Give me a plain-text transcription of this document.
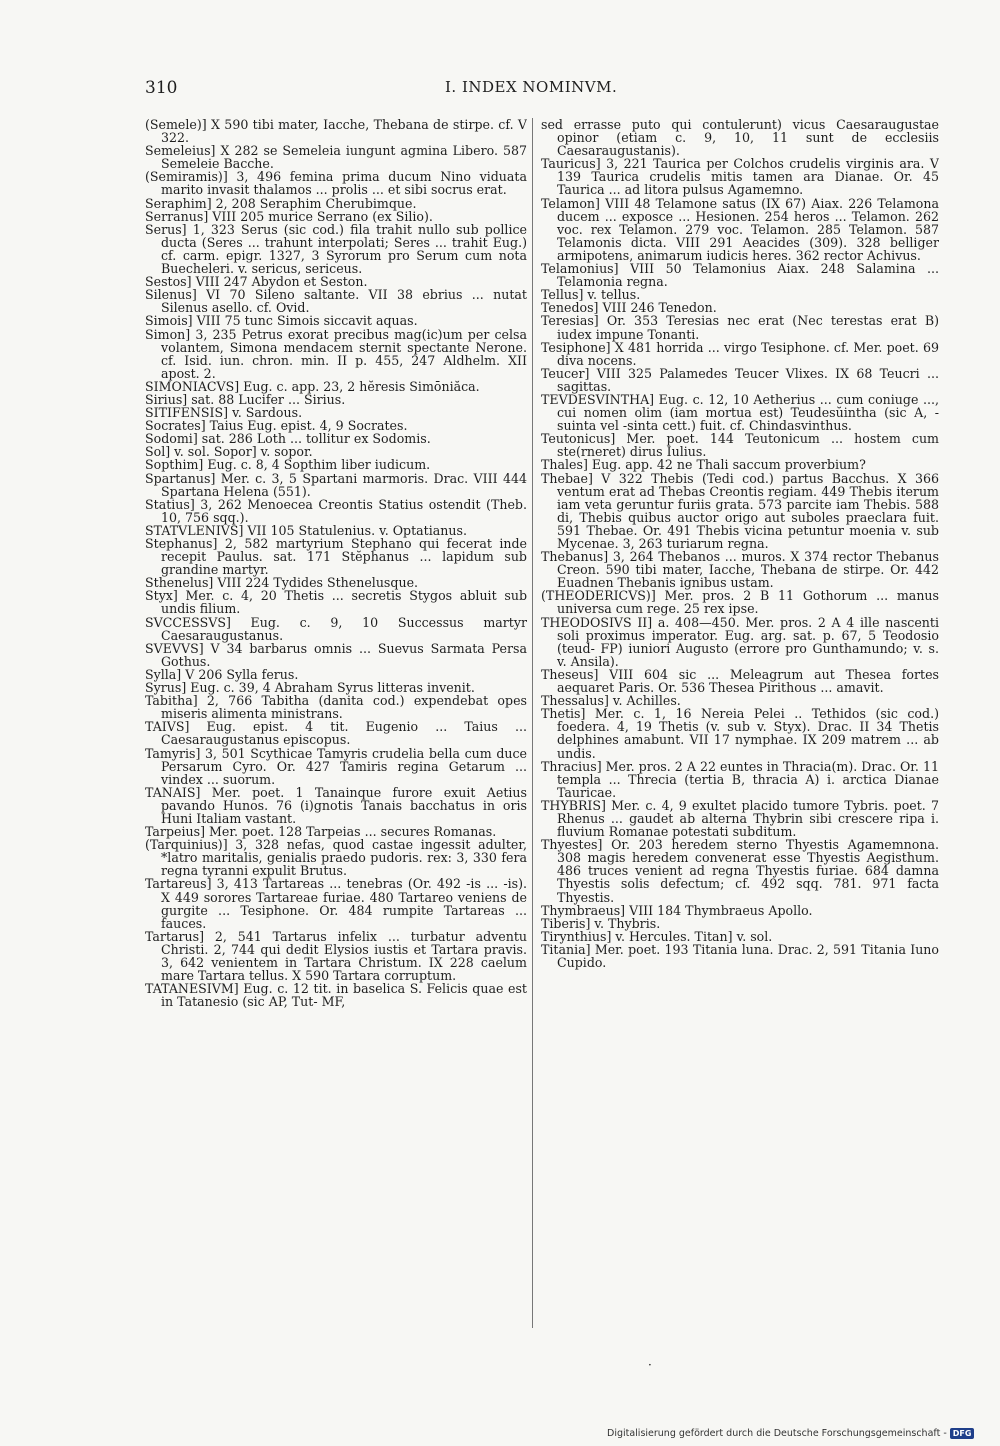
310	I. INDEX NOMINVM.

(Semele)] X 590 tibi mater, Iacche, Thebana de stirpe. cf. V 322.

Semeleius] X 282 se Semeleia iungunt agmina Libero. 587 Semeleie Bacche.

(Semiramis)] 3, 496 femina prima ducum Nino viduata marito invasit thalamos ... prolis ... et sibi socrus erat.

Seraphim] 2, 208 Seraphim Cherubimque.

Serranus] VIII 205 murice Serrano (ex Silio).

Serus] 1, 323 Serus (sic cod.) fila trahit nullo sub pollice ducta (Seres ... trahunt interpolati; Seres ... trahit Eug.) cf. carm. epigr. 1327, 3 Syrorum pro Serum cum nota Buecheleri. v. sericus, sericeus.

Sestos] VIII 247 Abydon et Seston.

Silenus] VI 70 Sileno saltante. VII 38 ebrius ... nutat Silenus asello. cf. Ovid.

Simois] VIII 75 tunc Simois siccavit aquas.

Simon] 3, 235 Petrus exorat precibus mag(ic)um per celsa volantem, Simona mendacem sternit spectante Nerone. cf. Isid. iun. chron. min. II p. 455, 247 Aldhelm. XII apost. 2.

SIMONIACVS] Eug. c. app. 23, 2 hĕresis Simōniăca.

Sirius] sat. 88 Lucifer ... Sirius.

SITIFENSIS] v. Sardous.

Socrates] Taius Eug. epist. 4, 9 Socrates.

Sodomi] sat. 286 Loth ... tollitur ex Sodomis.

Sol] v. sol. Sopor] v. sopor.

Sopthim] Eug. c. 8, 4 Sopthim liber iudicum.

Spartanus] Mer. c. 3, 5 Spartani marmoris. Drac. VIII 444 Spartana Helena (551).

Statius] 3, 262 Menoecea Creontis Statius ostendit (Theb. 10, 756 sqq.).

STATVLENIVS] VII 105 Statulenius. v. Optatianus.

Stephanus] 2, 582 martyrium Stephano qui fecerat inde recepit Paulus. sat. 171 Stĕphanus ... lapidum sub grandine martyr.

Sthenelus] VIII 224 Tydides Sthenelusque.

Styx] Mer. c. 4, 20 Thetis ... secretis Stygos abluit sub undis filium.

SVCCESSVS] Eug. c. 9, 10 Successus martyr Caesaraugustanus.

SVEVVS] V 34 barbarus omnis ... Suevus Sarmata Persa Gothus.

Sylla] V 206 Sylla ferus.

Syrus] Eug. c. 39, 4 Abraham Syrus litteras invenit.

Tabitha] 2, 766 Tabitha (danita cod.) expendebat opes miseris alimenta ministrans.

TAIVS] Eug. epist. 4 tit. Eugenio ... Taius ... Caesaraugustanus episcopus.

Tamyris] 3, 501 Scythicae Tamyris crudelia bella cum duce Persarum Cyro. Or. 427 Tamiris regina Getarum ... vindex ... suorum.

TANAIS] Mer. poet. 1 Tanainque furore exuit Aetius pavando Hunos. 76 (i)gnotis Tanais bacchatus in oris Huni Italiam vastant.

Tarpeius] Mer. poet. 128 Tarpeias ... secures Romanas.

(Tarquinius)] 3, 328 nefas, quod castae ingessit adulter, *latro maritalis, genialis praedo pudoris. rex: 3, 330 fera regna tyranni expulit Brutus.

Tartareus] 3, 413 Tartareas ... tenebras (Or. 492 -is ... -is). X 449 sorores Tartareae furiae. 480 Tartareo veniens de gurgite ... Tesiphone. Or. 484 rumpite Tartareas ... fauces.

Tartarus] 2, 541 Tartarus infelix ... turbatur adventu Christi. 2, 744 qui dedit Elysios iustis et Tartara pravis. 3, 642 venientem in Tartara Christum. IX 228 caelum mare Tartara tellus. X 590 Tartara corruptum.

TATANESIVM] Eug. c. 12 tit. in baselica S. Felicis quae est in Tatanesio (sic AP, Tut- MF,

sed errasse puto qui contulerunt) vicus Caesaraugustae opinor (etiam c. 9, 10, 11 sunt de ecclesiis Caesaraugustanis).

Tauricus] 3, 221 Taurica per Colchos crudelis virginis ara. V 139 Taurica crudelis mitis tamen ara Dianae. Or. 45 Taurica ... ad litora pulsus Agamemno.

Telamon] VIII 48 Telamone satus (IX 67) Aiax. 226 Telamona ducem ... exposce ... Hesionen. 254 heros ... Telamon. 262 voc. rex Telamon. 279 voc. Telamon. 285 Telamon. 587 Telamonis dicta. VIII 291 Aeacides (309). 328 belliger armipotens, animarum iudicis heres. 362 rector Achivus.

Telamonius] VIII 50 Telamonius Aiax. 248 Salamina ... Telamonia regna.

Tellus] v. tellus.

Tenedos] VIII 246 Tenedon.

Teresias] Or. 353 Teresias nec erat (Nec terestas erat B) iudex impune Tonanti.

Tesiphone] X 481 horrida ... virgo Tesiphone. cf. Mer. poet. 69 diva nocens.

Teucer] VIII 325 Palamedes Teucer Vlixes. IX 68 Teucri ... sagittas.

TEVDESVINTHA] Eug. c. 12, 10 Aetherius ... cum coniuge ..., cui nomen olim (iam mortua est) Teudesŭintha (sic A, -suinta vel -sinta cett.) fuit. cf. Chindasvinthus.

Teutonicus] Mer. poet. 144 Teutonicum ... hostem cum ste(rneret) dirus Iulius.

Thales] Eug. app. 42 ne Thali saccum proverbium?

Thebae] V 322 Thebis (Tedi cod.) partus Bacchus. X 366 ventum erat ad Thebas Creontis regiam. 449 Thebis iterum iam veta geruntur furiis grata. 573 parcite iam Thebis. 588 di, Thebis quibus auctor origo aut suboles praeclara fuit. 591 Thebae. Or. 491 Thebis vicina petuntur moenia v. sub Mycenae. 3, 263 turiarum regna.

Thebanus] 3, 264 Thebanos ... muros. X 374 rector Thebanus Creon. 590 tibi mater, Iacche, Thebana de stirpe. Or. 442 Euadnen Thebanis ignibus ustam.

(THEODERICVS)] Mer. pros. 2 B 11 Gothorum ... manus universa cum rege. 25 rex ipse.

THEODOSIVS II] a. 408—450. Mer. pros. 2 A 4 ille nascenti soli proximus imperator. Eug. arg. sat. p. 67, 5 Teodosio (teud- FP) iuniori Augusto (errore pro Gunthamundo; v. s. v. Ansila).

Theseus] VIII 604 sic ... Meleagrum aut Thesea fortes aequaret Paris. Or. 536 Thesea Pirithous ... amavit.

Thessalus] v. Achilles.

Thetis] Mer. c. 1, 16 Nereia Pelei .. Tethidos (sic cod.) foedera. 4, 19 Thetis (v. sub v. Styx). Drac. II 34 Thetis delphines amabunt. VII 17 nymphae. IX 209 matrem ... ab undis.

Thracius] Mer. pros. 2 A 22 euntes in Thracia(m). Drac. Or. 11 templa ... Threcia (tertia B, thracia A) i. arctica Dianae Tauricae.

THYBRIS] Mer. c. 4, 9 exultet placido tumore Tybris. poet. 7 Rhenus ... gaudet ab alterna Thybrin sibi crescere ripa i. fluvium Romanae potestati subditum.

Thyestes] Or. 203 heredem sterno Thyestis Agamemnona. 308 magis heredem convenerat esse Thyestis Aegisthum. 486 truces venient ad regna Thyestis furiae. 684 damna Thyestis solis defectum; cf. 492 sqq. 781. 971 facta Thyestis.

Thymbraeus] VIII 184 Thymbraeus Apollo.

Tiberis] v. Thybris.

Tirynthius] v. Hercules. Titan] v. sol.

Titania] Mer. poet. 193 Titania luna. Drac. 2, 591 Titania Iuno Cupido.

·
Digitalisierung gefördert durch die Deutsche Forschungsgemeinschaft - DFG
